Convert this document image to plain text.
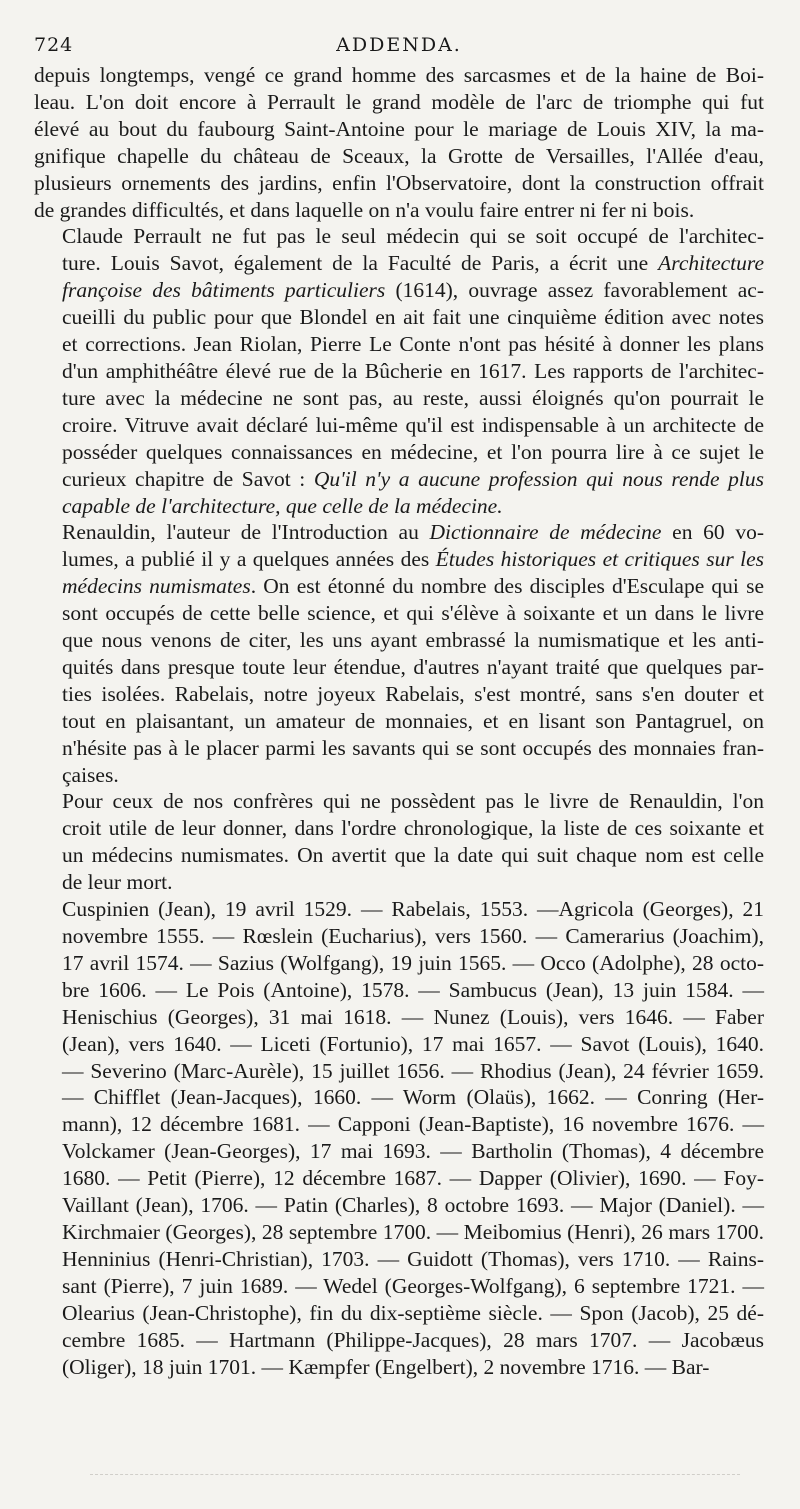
724	ADDENDA.

depuis longtemps, vengé ce grand homme des sarcasmes et de la haine de Boi-
leau. L'on doit encore à Perrault le grand modèle de l'arc de triomphe qui fut
élevé au bout du faubourg Saint-Antoine pour le mariage de Louis XIV, la ma-
gnifique chapelle du château de Sceaux, la Grotte de Versailles, l'Allée d'eau,
plusieurs ornements des jardins, enfin l'Observatoire, dont la construction offrait
de grandes difficultés, et dans laquelle on n'a voulu faire entrer ni fer ni bois.

Claude Perrault ne fut pas le seul médecin qui se soit occupé de l'architec-
ture. Louis Savot, également de la Faculté de Paris, a écrit une Architecture
françoise des bâtiments particuliers (1614), ouvrage assez favorablement ac-
cueilli du public pour que Blondel en ait fait une cinquième édition avec notes
et corrections. Jean Riolan, Pierre Le Conte n'ont pas hésité à donner les plans
d'un amphithéâtre élevé rue de la Bûcherie en 1617. Les rapports de l'architec-
ture avec la médecine ne sont pas, au reste, aussi éloignés qu'on pourrait le
croire. Vitruve avait déclaré lui-même qu'il est indispensable à un architecte de
posséder quelques connaissances en médecine, et l'on pourra lire à ce sujet le
curieux chapitre de Savot : Qu'il n'y a aucune profession qui nous rende plus
capable de l'architecture, que celle de la médecine.

Renauldin, l'auteur de l'Introduction au Dictionnaire de médecine en 60 vo-
lumes, a publié il y a quelques années des Études historiques et critiques sur les
médecins numismates. On est étonné du nombre des disciples d'Esculape qui se
sont occupés de cette belle science, et qui s'élève à soixante et un dans le livre
que nous venons de citer, les uns ayant embrassé la numismatique et les anti-
quités dans presque toute leur étendue, d'autres n'ayant traité que quelques par-
ties isolées. Rabelais, notre joyeux Rabelais, s'est montré, sans s'en douter et
tout en plaisantant, un amateur de monnaies, et en lisant son Pantagruel, on
n'hésite pas à le placer parmi les savants qui se sont occupés des monnaies fran-
çaises.

Pour ceux de nos confrères qui ne possèdent pas le livre de Renauldin, l'on
croit utile de leur donner, dans l'ordre chronologique, la liste de ces soixante et
un médecins numismates. On avertit que la date qui suit chaque nom est celle
de leur mort.

Cuspinien (Jean), 19 avril 1529. — Rabelais, 1553. —Agricola (Georges), 21
novembre 1555. — Rœslein (Eucharius), vers 1560. — Camerarius (Joachim),
17 avril 1574. — Sazius (Wolfgang), 19 juin 1565. — Occo (Adolphe), 28 octo-
bre 1606. — Le Pois (Antoine), 1578. — Sambucus (Jean), 13 juin 1584. —
Henischius (Georges), 31 mai 1618. — Nunez (Louis), vers 1646. — Faber
(Jean), vers 1640. — Liceti (Fortunio), 17 mai 1657. — Savot (Louis), 1640.
— Severino (Marc-Aurèle), 15 juillet 1656. — Rhodius (Jean), 24 février 1659.
— Chifflet (Jean-Jacques), 1660. — Worm (Olaüs), 1662. — Conring (Her-
mann), 12 décembre 1681. — Capponi (Jean-Baptiste), 16 novembre 1676. —
Volckamer (Jean-Georges), 17 mai 1693. — Bartholin (Thomas), 4 décembre
1680. — Petit (Pierre), 12 décembre 1687. — Dapper (Olivier), 1690. — Foy-
Vaillant (Jean), 1706. — Patin (Charles), 8 octobre 1693. — Major (Daniel). —
Kirchmaier (Georges), 28 septembre 1700. — Meibomius (Henri), 26 mars 1700.
Henninius (Henri-Christian), 1703. — Guidott (Thomas), vers 1710. — Rains-
sant (Pierre), 7 juin 1689. — Wedel (Georges-Wolfgang), 6 septembre 1721. —
Olearius (Jean-Christophe), fin du dix-septième siècle. — Spon (Jacob), 25 dé-
cembre 1685. — Hartmann (Philippe-Jacques), 28 mars 1707. — Jacobæus
(Oliger), 18 juin 1701. — Kæmpfer (Engelbert), 2 novembre 1716. — Bar-
